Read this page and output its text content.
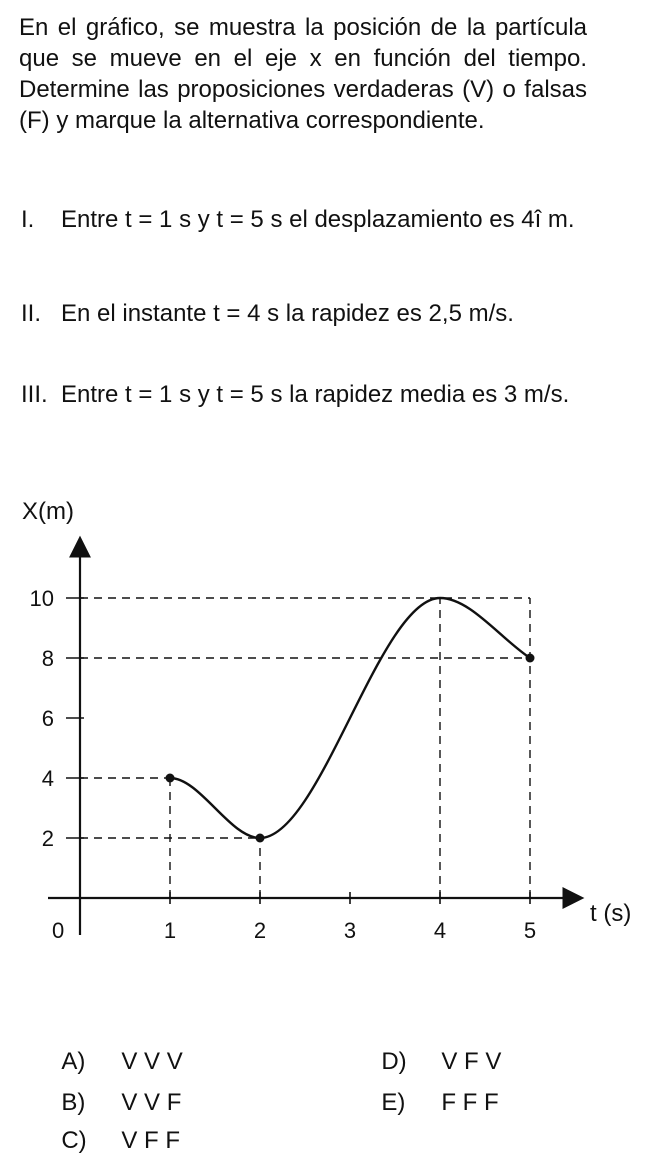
En el gráfico, se muestra la posición de la partícula que se mueve en el eje x en función del tiempo. Determine las proposiciones verdaderas (V) o falsas (F) y marque la alternativa correspondiente.
I.	Entre t = 1 s y t = 5 s el desplazamiento es 4î m.
II. En el instante t = 4 s la rapidez es 2,5 m/s.
III. Entre t = 1 s y t = 5 s la rapidez media es 3 m/s.
1	2	3	4	5
2
4
6
8
10
X(m)
t (s)
0

A) V V V

B) V V F

C) V F F

D) V F V

E) F F F
